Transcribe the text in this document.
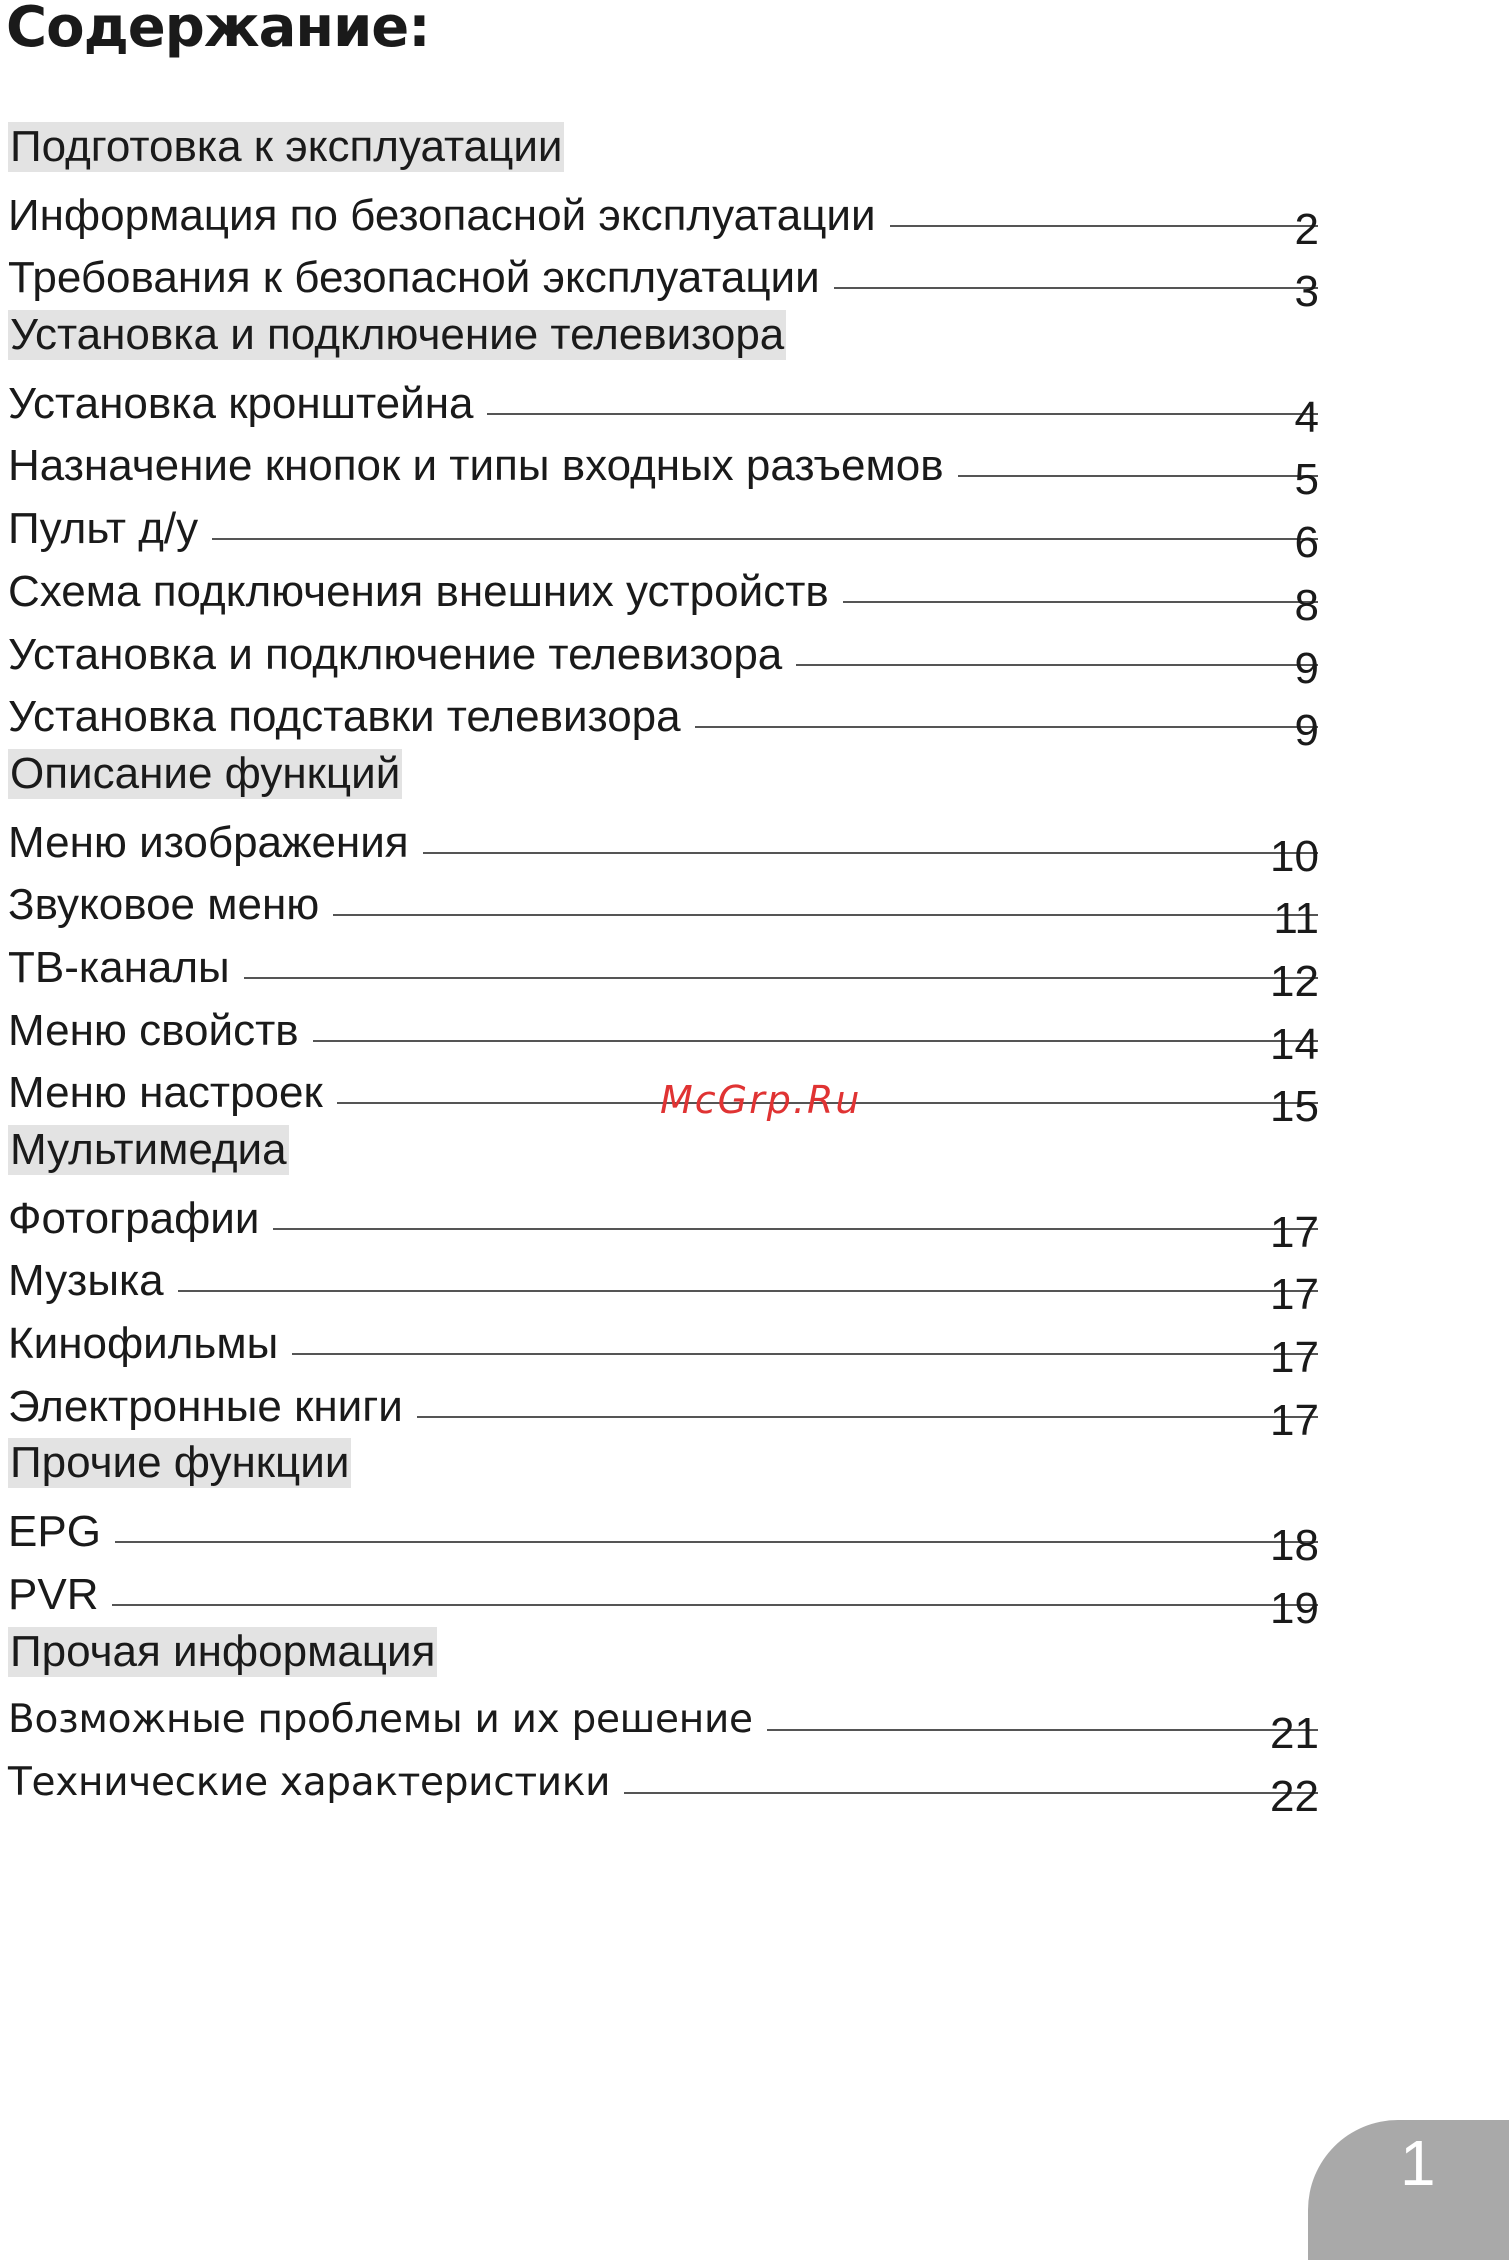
Содержание:
Подготовка к эксплуатации
Информация по безопасной эксплуатации	2
Требования к безопасной эксплуатации	3
Установка и подключение телевизора
Установка кронштейна	4
Назначение кнопок и типы входных разъемов	5
Пульт д/у	6
Схема подключения внешних устройств	8
Установка и подключение телевизора	9
Установка подставки телевизора	9
Описание функций
Меню изображения	10
Звуковое меню	11
ТВ-каналы	12
Меню свойств	14
Меню настроек	15
Мультимедиа
Фотографии	17
Музыка	17
Кинофильмы	17
Электронные книги	17
Прочие функции
EPG	18
PVR	19
Прочая информация
Возможные проблемы и их решение	21
Технические характеристики	22
McGrp.Ru
1
